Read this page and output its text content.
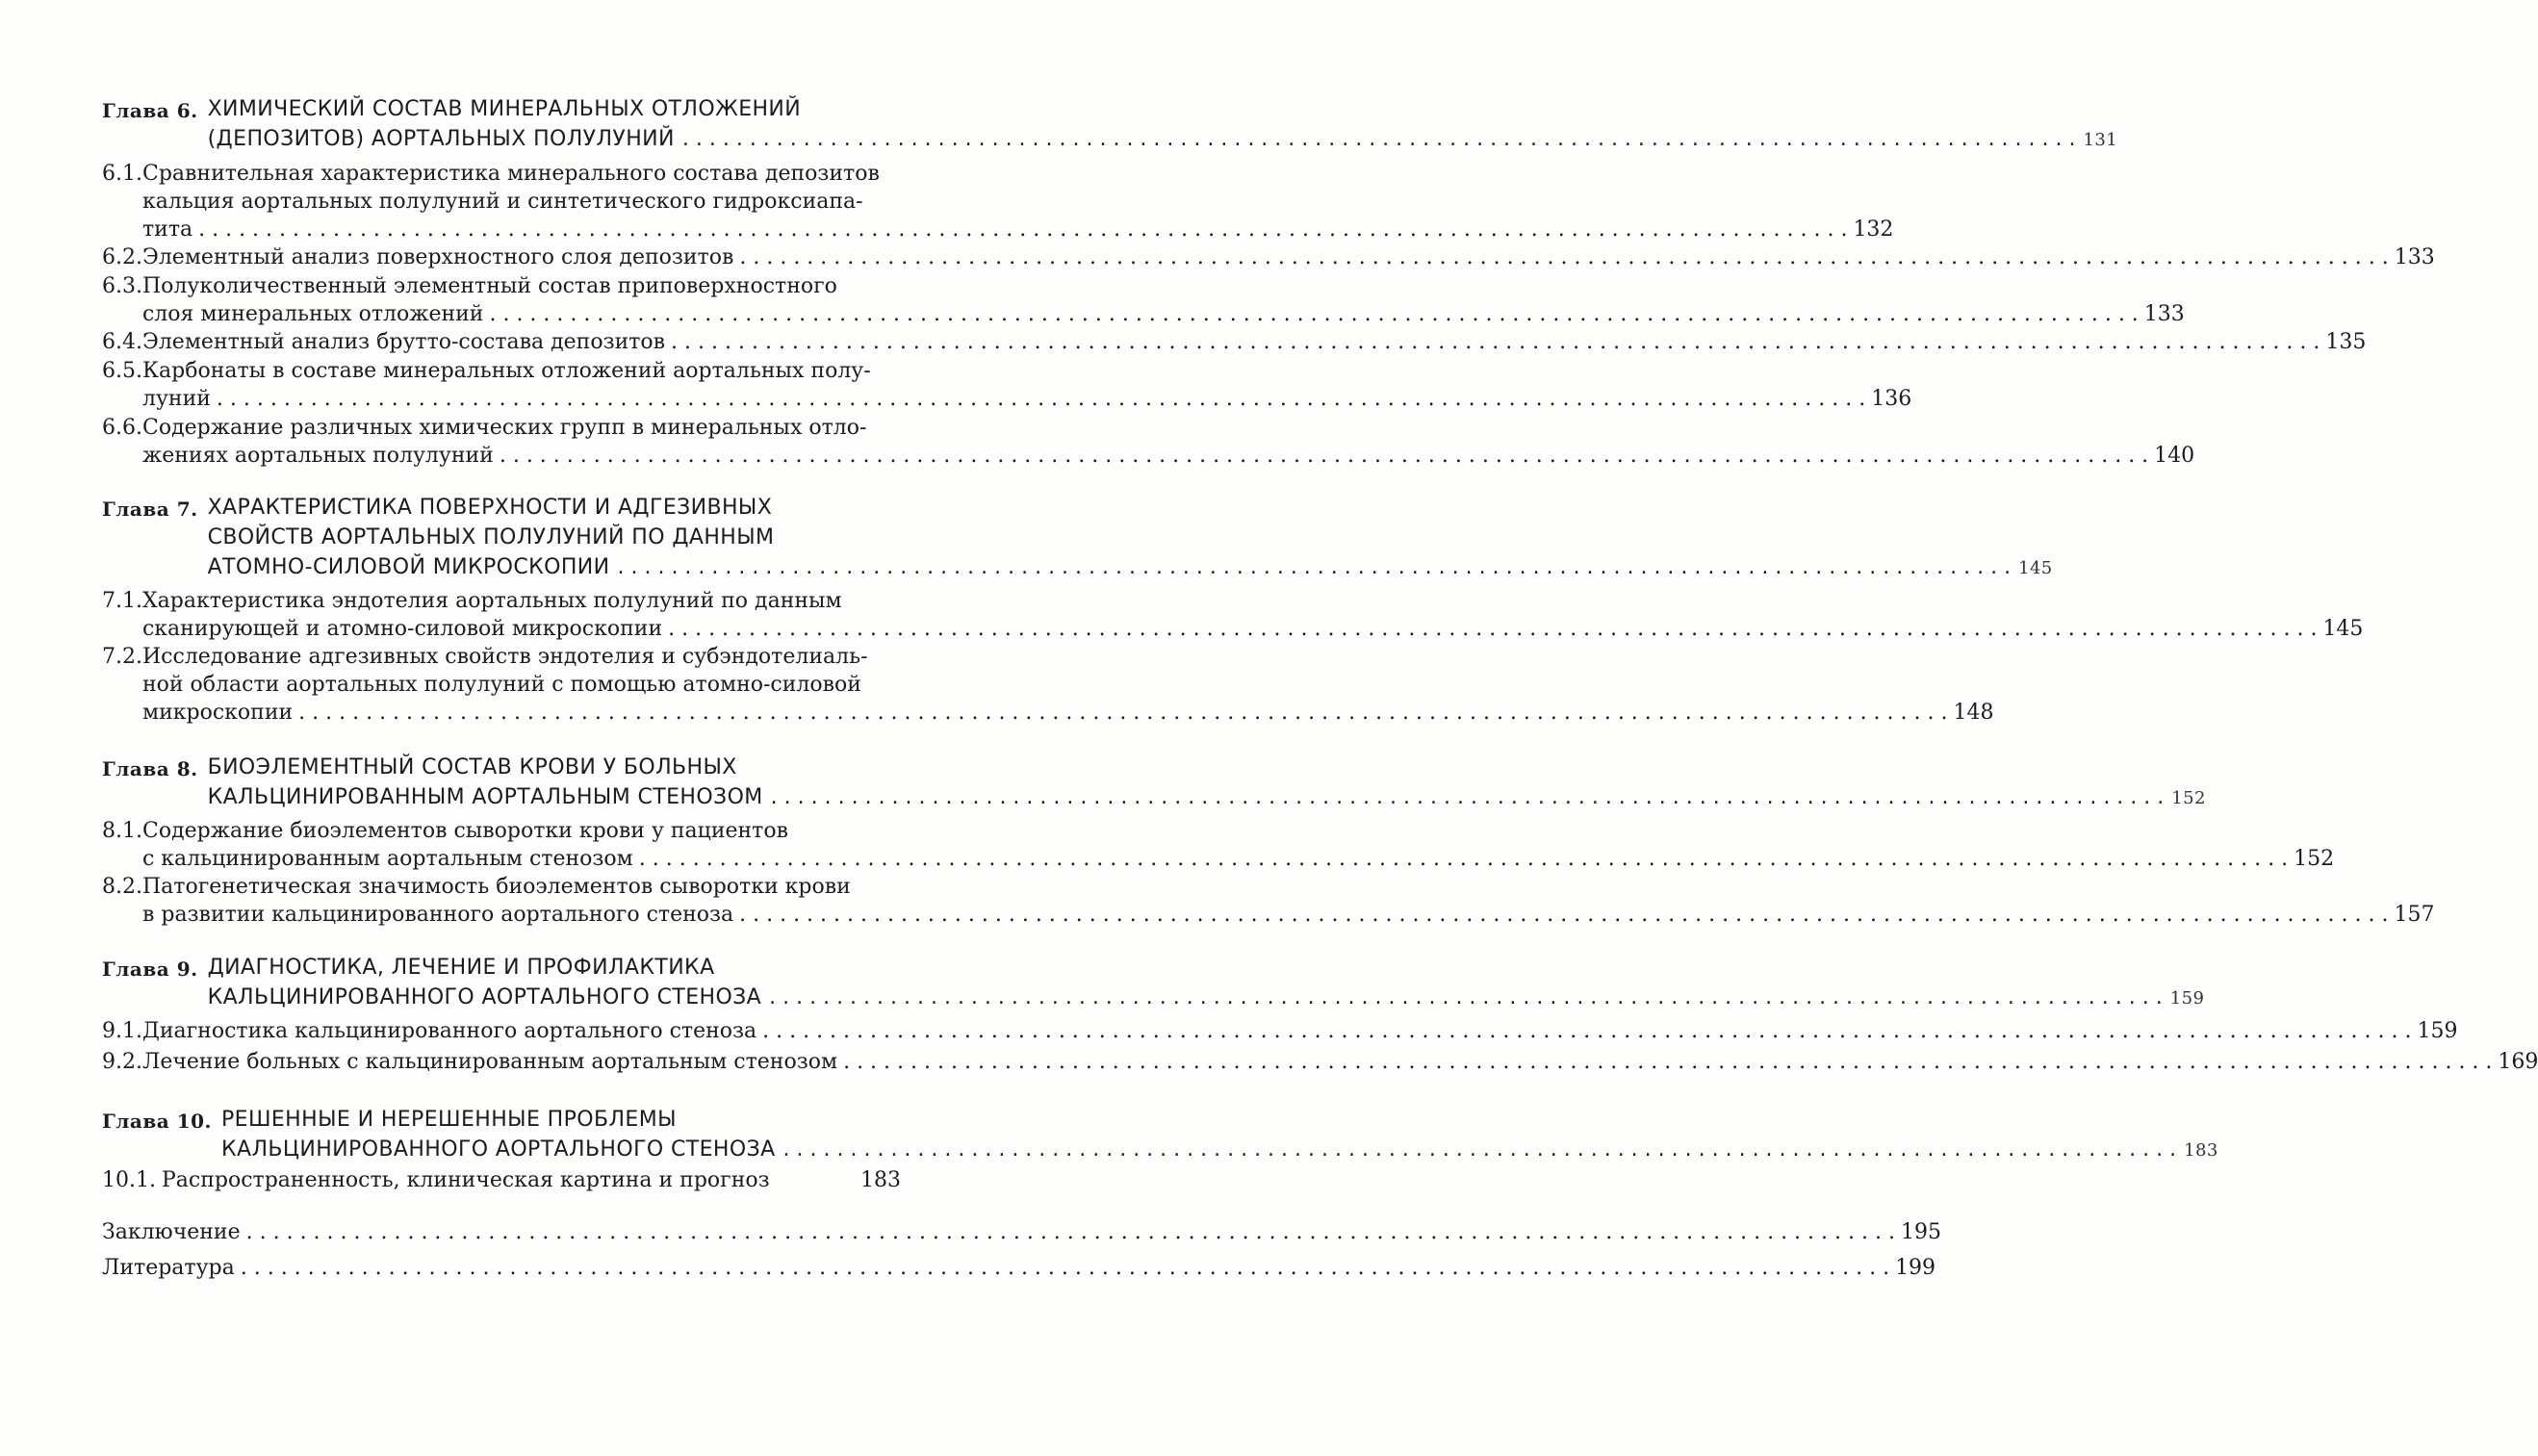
Глава 6. ХИМИЧЕСКИЙ СОСТАВ МИНЕРАЛЬНЫХ ОТЛОЖЕНИЙ
(ДЕПОЗИТОВ) АОРТАЛЬНЫХ ПОЛУЛУНИЙ . . .	131
6.1. Сравнительная характеристика минерального состава депозитов
кальция аортальных полулуний и синтетического гидроксиапа-
тита . . .	132
6.2. Элементный анализ поверхностного слоя депозитов . . .	133
6.3. Полуколичественный элементный состав приповерхностного
слоя минеральных отложений . . .	133
6.4. Элементный анализ брутто-состава депозитов . . .	135
6.5. Карбонаты в составе минеральных отложений аортальных полу-
луний . . .	136
6.6. Содержание различных химических групп в минеральных отло-
жениях аортальных полулуний . . .	140
Глава 7. ХАРАКТЕРИСТИКА ПОВЕРХНОСТИ И АДГЕЗИВНЫХ
СВОЙСТВ АОРТАЛЬНЫХ ПОЛУЛУНИЙ ПО ДАННЫМ
АТОМНО-СИЛОВОЙ МИКРОСКОПИИ . . .	145
7.1. Характеристика эндотелия аортальных полулуний по данным
сканирующей и атомно-силовой микроскопии . . .	145
7.2. Исследование адгезивных свойств эндотелия и субэндотелиаль-
ной области аортальных полулуний с помощью атомно-силовой
микроскопии . . .	148
Глава 8. БИОЭЛЕМЕНТНЫЙ СОСТАВ КРОВИ У БОЛЬНЫХ
КАЛЬЦИНИРОВАННЫМ АОРТАЛЬНЫМ СТЕНОЗОМ . . .	152
8.1. Содержание биоэлементов сыворотки крови у пациентов
с кальцинированным аортальным стенозом . . .	152
8.2. Патогенетическая значимость биоэлементов сыворотки крови
в развитии кальцинированного аортального стеноза . . .	157
Глава 9. ДИАГНОСТИКА, ЛЕЧЕНИЕ И ПРОФИЛАКТИКА
КАЛЬЦИНИРОВАННОГО АОРТАЛЬНОГО СТЕНОЗА . . .	159
9.1. Диагностика кальцинированного аортального стеноза . . .	159
9.2. Лечение больных с кальцинированным аортальным стенозом . . .	169
Глава 10. РЕШЕННЫЕ И НЕРЕШЕННЫЕ ПРОБЛЕМЫ
КАЛЬЦИНИРОВАННОГО АОРТАЛЬНОГО СТЕНОЗА . . .	183
10.1. Распространенность, клиническая картина и прогноз	183
Заключение . . .	195
Литература . . .	199
